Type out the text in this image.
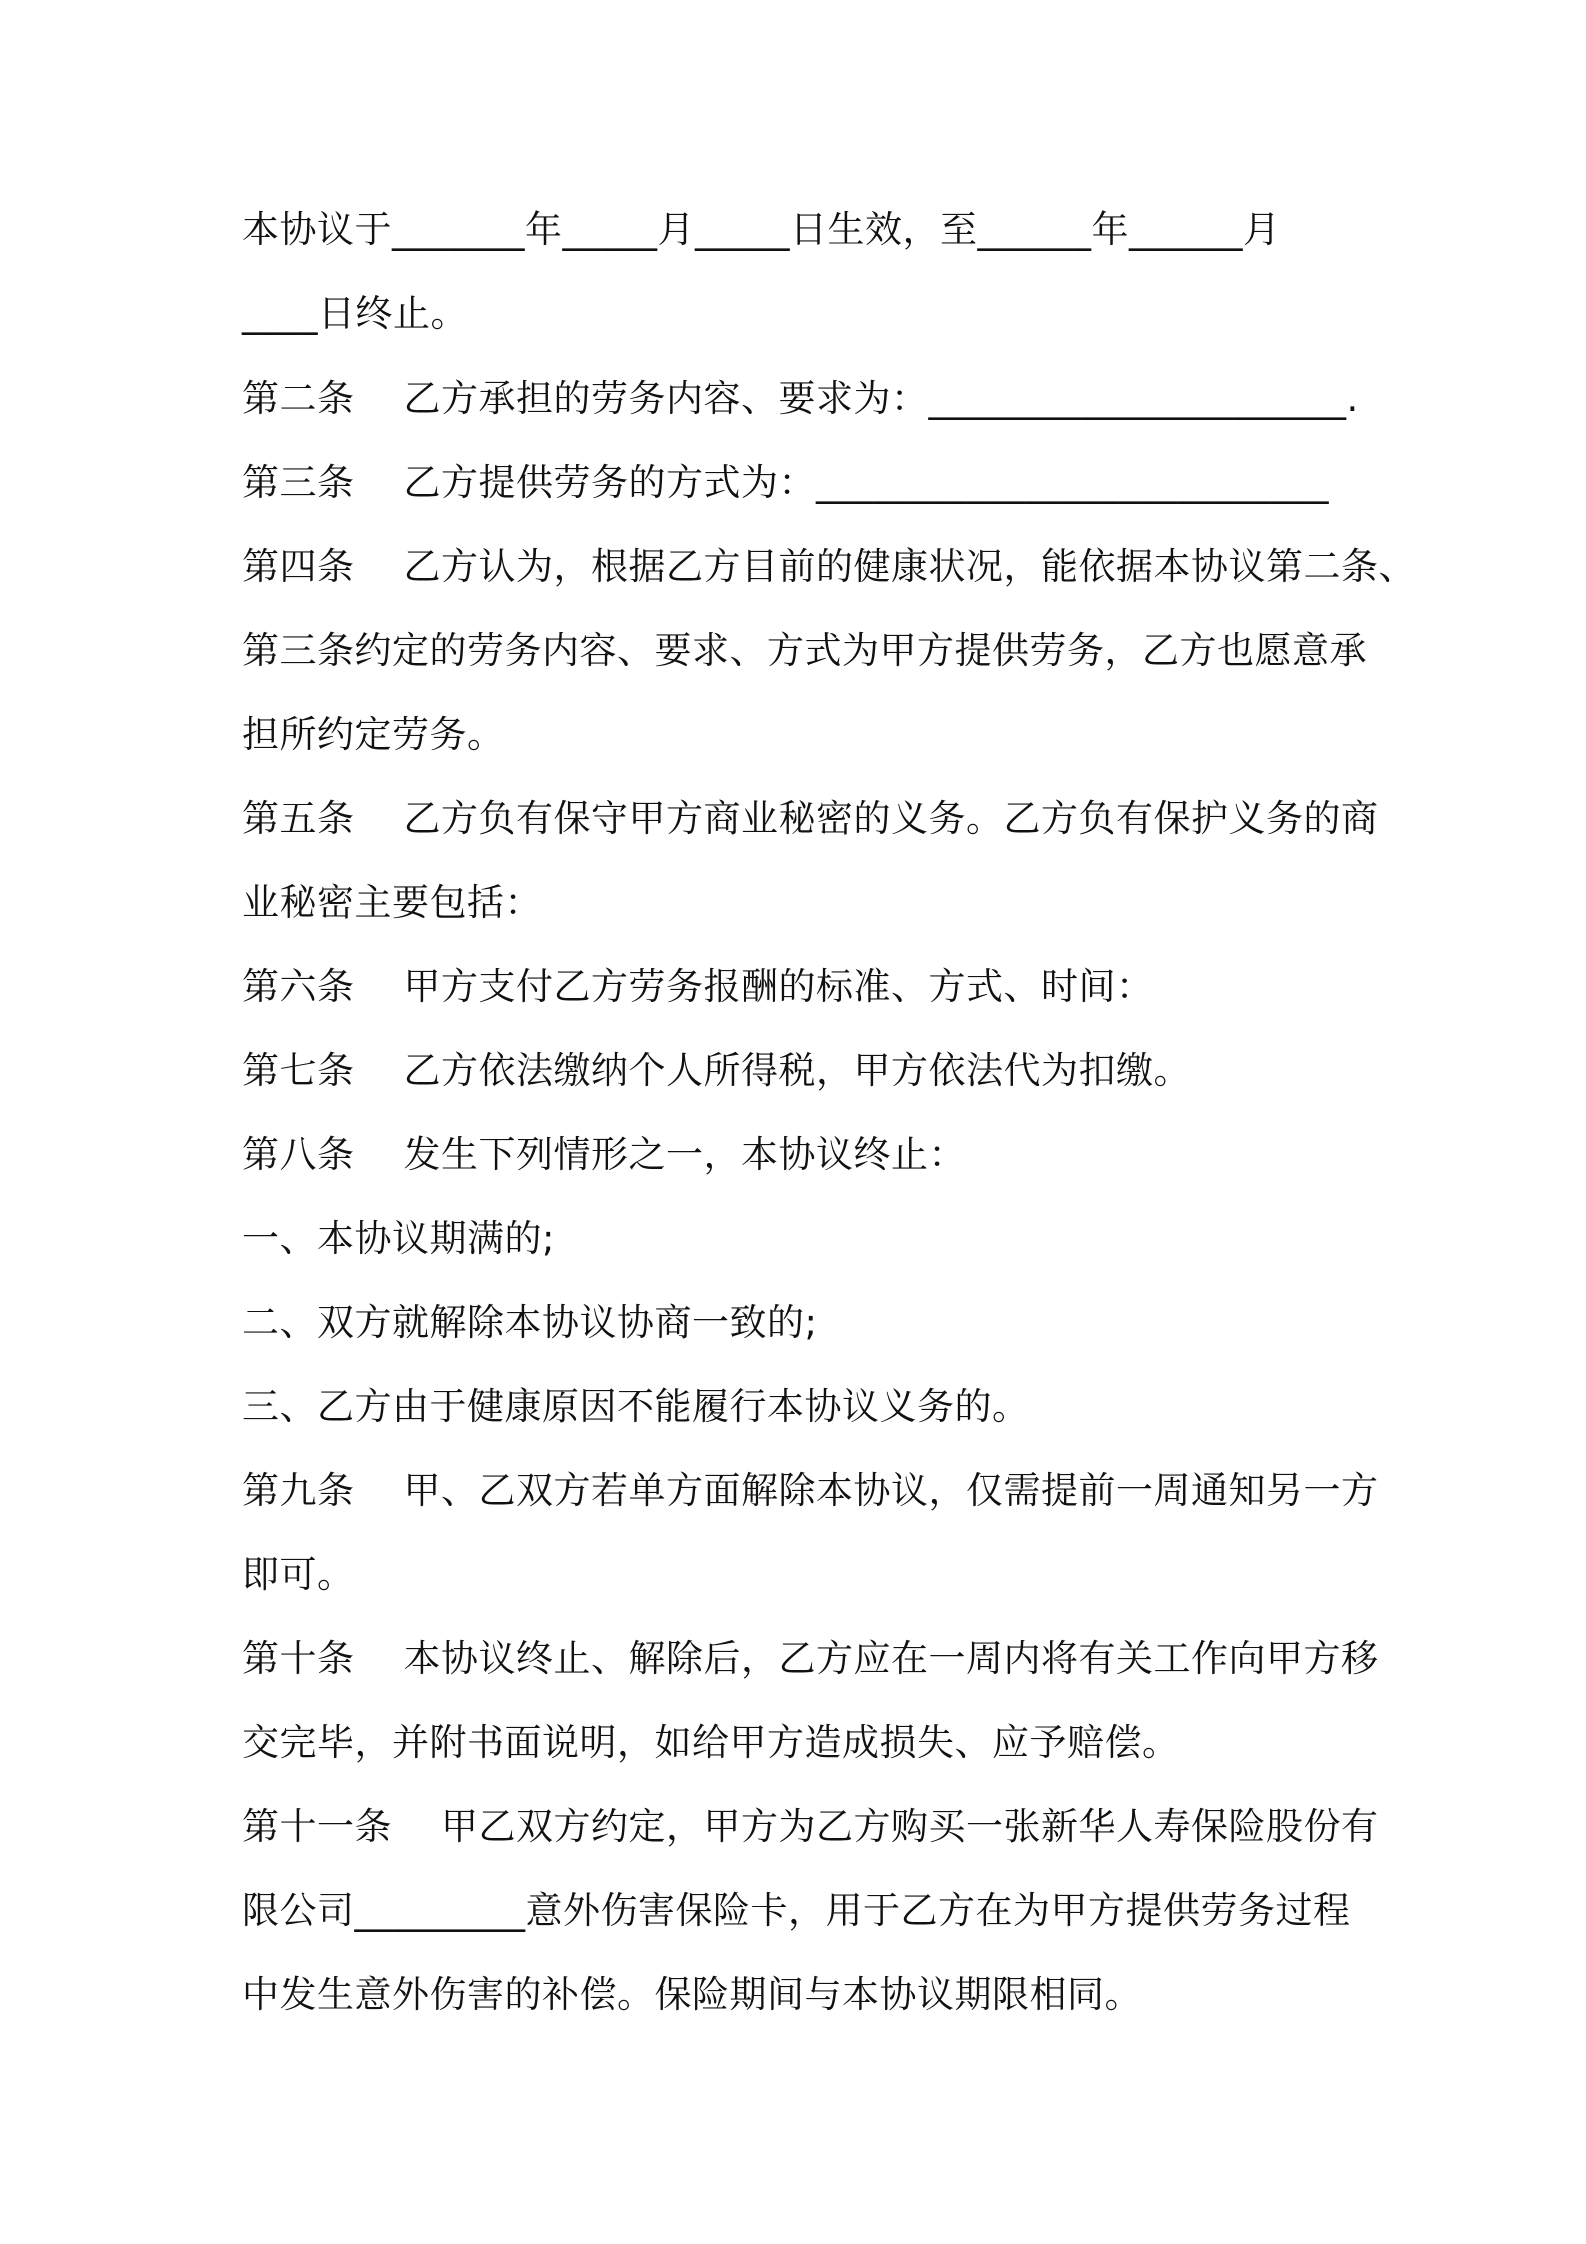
本协议于_______年_____月_____日生效，至______年______月
____日终止。
第二条    乙方承担的劳务内容、要求为：______________________.
第三条    乙方提供劳务的方式为：___________________________
第四条    乙方认为，根据乙方目前的健康状况，能依据本协议第二条、
第三条约定的劳务内容、要求、方式为甲方提供劳务，乙方也愿意承
担所约定劳务。
第五条    乙方负有保守甲方商业秘密的义务。乙方负有保护义务的商
业秘密主要包括：
第六条    甲方支付乙方劳务报酬的标准、方式、时间：
第七条    乙方依法缴纳个人所得税，甲方依法代为扣缴。
第八条    发生下列情形之一，本协议终止：
一、本协议期满的;
二、双方就解除本协议协商一致的;
三、乙方由于健康原因不能履行本协议义务的。
第九条    甲、乙双方若单方面解除本协议，仅需提前一周通知另一方
即可。
第十条    本协议终止、解除后，乙方应在一周内将有关工作向甲方移
交完毕，并附书面说明，如给甲方造成损失、应予赔偿。
第十一条    甲乙双方约定，甲方为乙方购买一张新华人寿保险股份有
限公司_________意外伤害保险卡，用于乙方在为甲方提供劳务过程
中发生意外伤害的补偿。保险期间与本协议期限相同。
